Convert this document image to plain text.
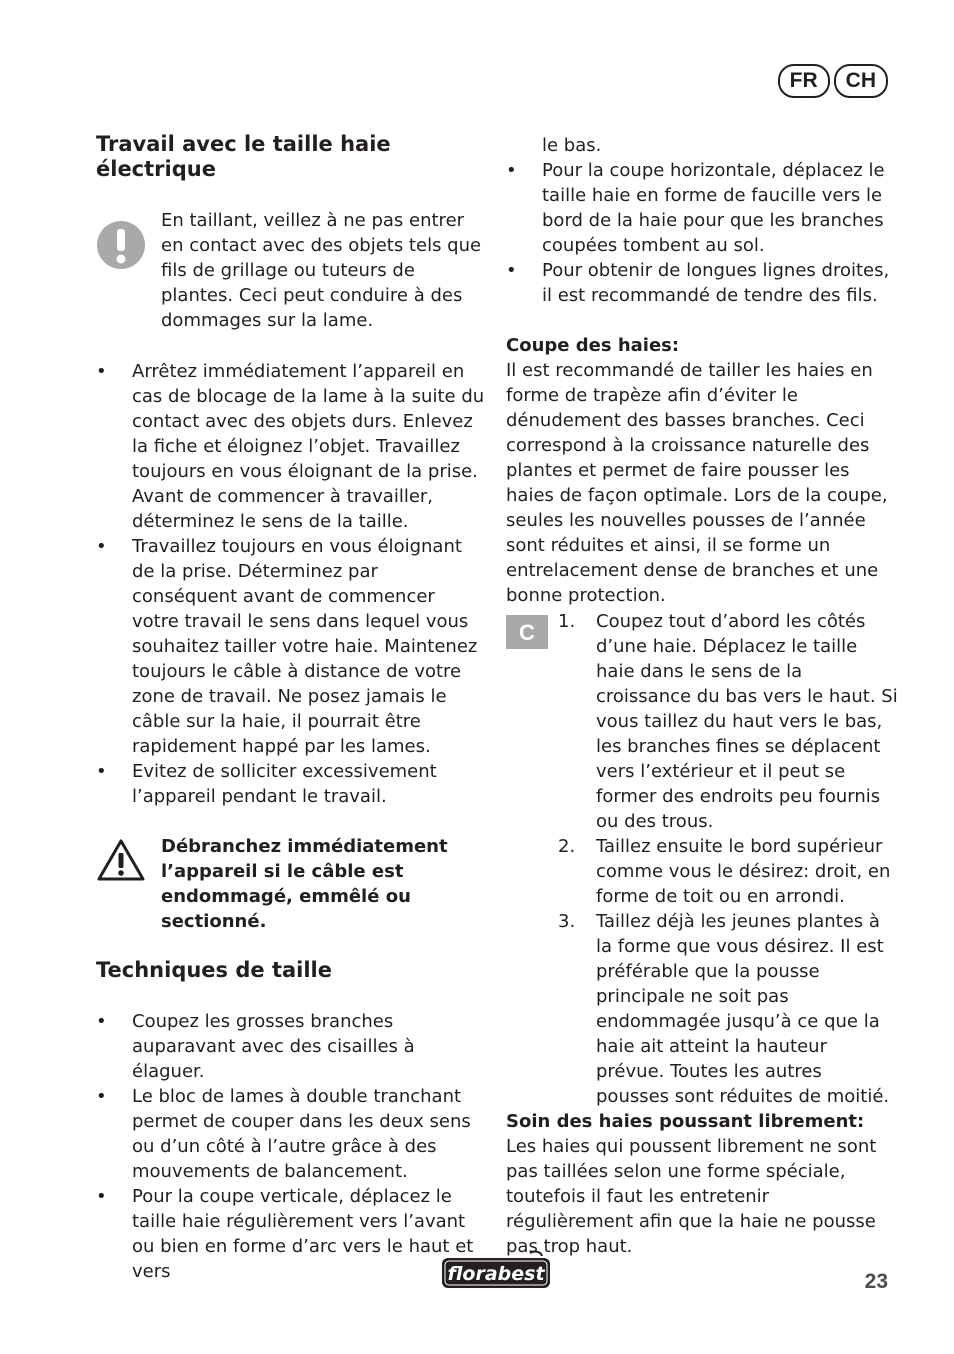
FR	CH
Travail avec le taille haie électrique
En taillant, veillez à ne pas entrer en contact avec des objets tels que fils de grillage ou tuteurs de plantes. Ceci peut conduire à des dommages sur la lame.
• Arrêtez immédiatement l’appareil en cas de blocage de la lame à la suite du contact avec des objets durs. Enlevez la fiche et éloignez l’objet. Travaillez toujours en vous éloignant de la prise. Avant de commencer à travailler, déterminez le sens de la taille.
• Travaillez toujours en vous éloignant de la prise. Déterminez par conséquent avant de commencer votre travail le sens dans lequel vous souhaitez tailler votre haie. Maintenez toujours le câble à distance de votre zone de travail. Ne posez jamais le câble sur la haie, il pourrait être rapidement happé par les lames.
• Evitez de solliciter excessivement l’appareil pendant le travail.
Débranchez immédiatement l’appareil si le câble est endommagé, emmêlé ou sectionné.
Techniques de taille
• Coupez les grosses branches auparavant avec des cisailles à élaguer.
• Le bloc de lames à double tranchant permet de couper dans les deux sens ou d’un côté à l’autre grâce à des mouvements de balancement.
• Pour la coupe verticale, déplacez le taille haie régulièrement vers l’avant ou bien en forme d’arc vers le haut et vers
le bas.
• Pour la coupe horizontale, déplacez le taille haie en forme de faucille vers le bord de la haie pour que les branches coupées tombent au sol.
• Pour obtenir de longues lignes droites, il est recommandé de tendre des fils.
Coupe des haies:
Il est recommandé de tailler les haies en forme de trapèze afin d’éviter le dénudement des basses branches. Ceci correspond à la croissance naturelle des plantes et permet de faire pousser les haies de façon optimale. Lors de la coupe, seules les nouvelles pousses de l’année sont réduites et ainsi, il se forme un entrelacement dense de branches et une bonne protection.
C	1. Coupez tout d’abord les côtés d’une haie. Déplacez le taille haie dans le sens de la croissance du bas vers le haut. Si vous taillez du haut vers le bas, les branches fines se déplacent vers l’extérieur et il peut se former des endroits peu fournis ou des trous.
2. Taillez ensuite le bord supérieur comme vous le désirez: droit, en forme de toit ou en arrondi.
3. Taillez déjà les jeunes plantes à la forme que vous désirez. Il est préférable que la pousse principale ne soit pas endommagée jusqu’à ce que la haie ait atteint la hauteur prévue. Toutes les autres pousses sont réduites de moitié.
Soin des haies poussant librement:
Les haies qui poussent librement ne sont pas taillées selon une forme spéciale, toutefois il faut les entretenir régulièrement afin que la haie ne pousse pas trop haut.
florabest	23
